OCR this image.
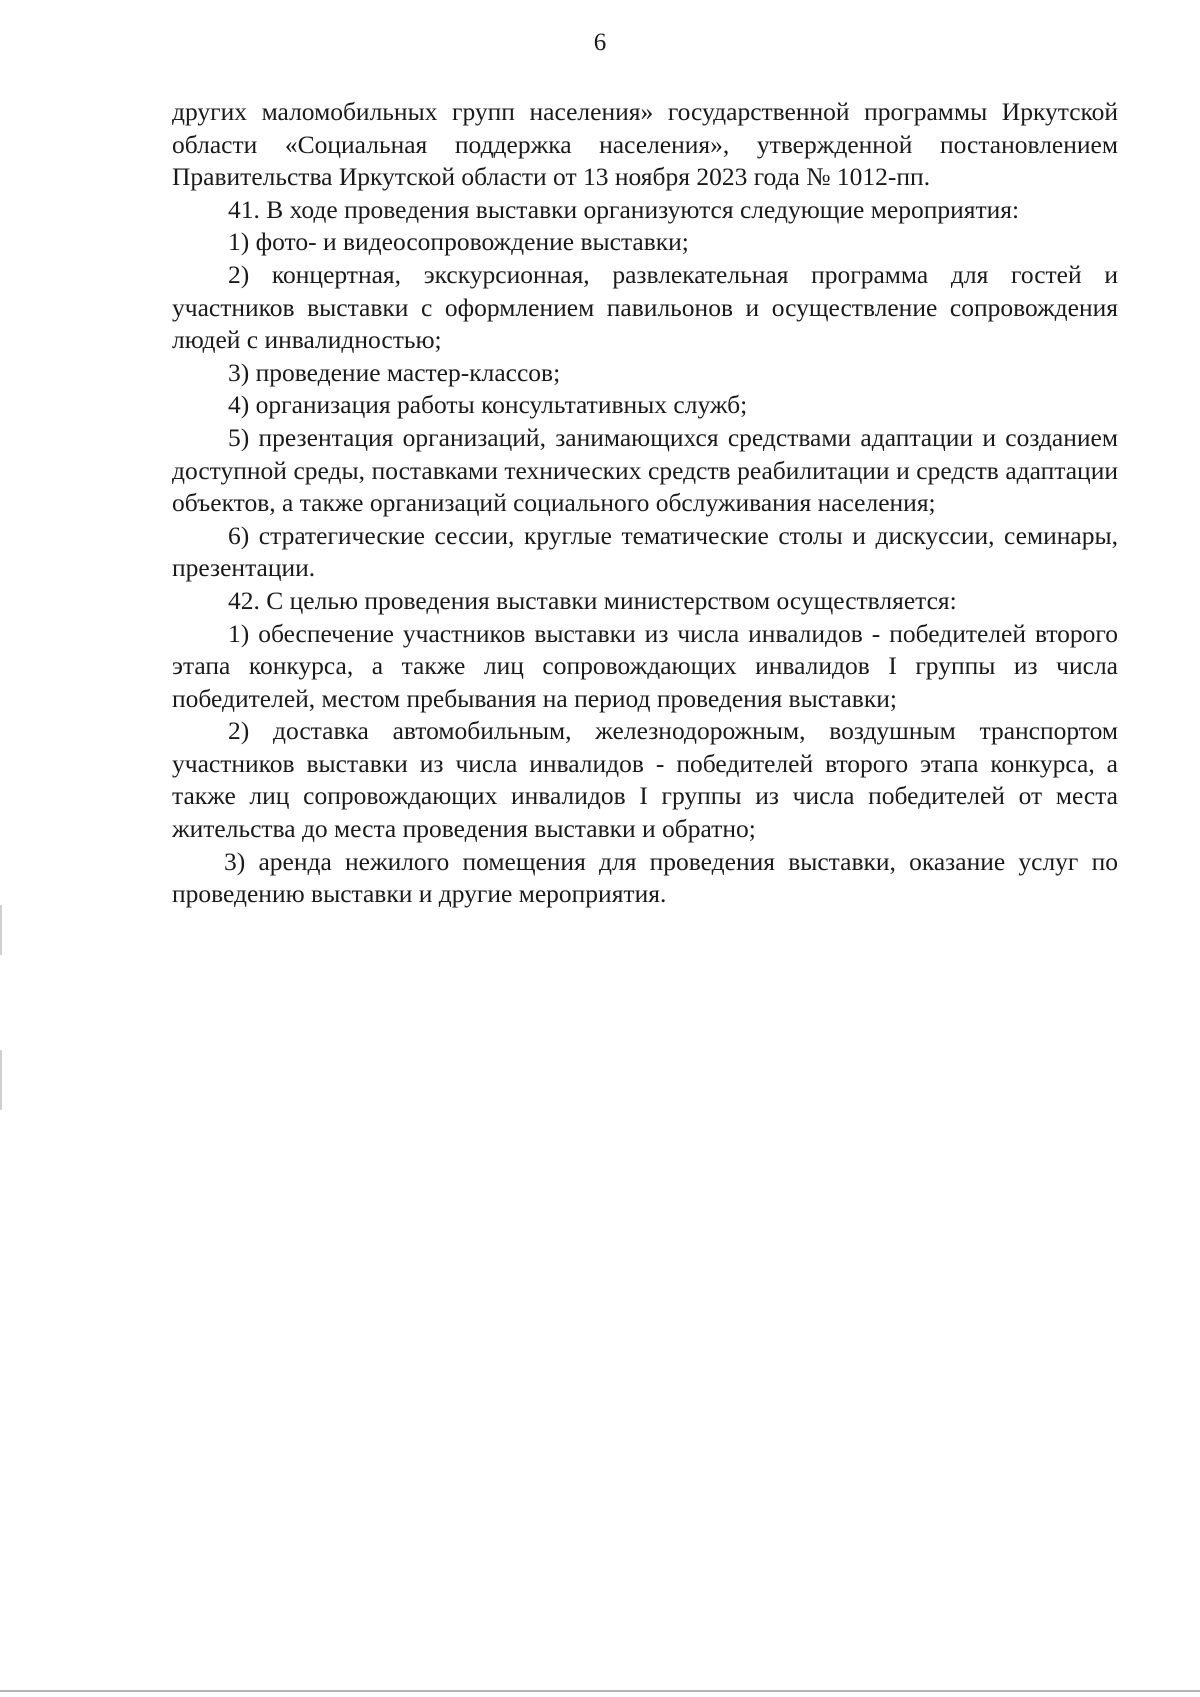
6

других маломобильных групп населения» государственной программы Иркутской области «Социальная поддержка населения», утвержденной постановлением Правительства Иркутской области от 13 ноября 2023 года № 1012-пп.

41. В ходе проведения выставки организуются следующие мероприятия:

1) фото- и видеосопровождение выставки;

2) концертная, экскурсионная, развлекательная программа для гостей и участников выставки с оформлением павильонов и осуществление сопровождения людей с инвалидностью;

3) проведение мастер-классов;

4) организация работы консультативных служб;

5) презентация организаций, занимающихся средствами адаптации и созданием доступной среды, поставками технических средств реабилитации и средств адаптации объектов, а также организаций социального обслуживания населения;

6) стратегические сессии, круглые тематические столы и дискуссии, семинары, презентации.

42. С целью проведения выставки министерством осуществляется:

1) обеспечение участников выставки из числа инвалидов - победителей второго этапа конкурса, а также лиц сопровождающих инвалидов I группы из числа победителей, местом пребывания на период проведения выставки;

2) доставка автомобильным, железнодорожным, воздушным транспортом участников выставки из числа инвалидов - победителей второго этапа конкурса, а также лиц сопровождающих инвалидов I группы из числа победителей от места жительства до места проведения выставки и обратно;

3) аренда нежилого помещения для проведения выставки, оказание услуг по проведению выставки и другие мероприятия.
